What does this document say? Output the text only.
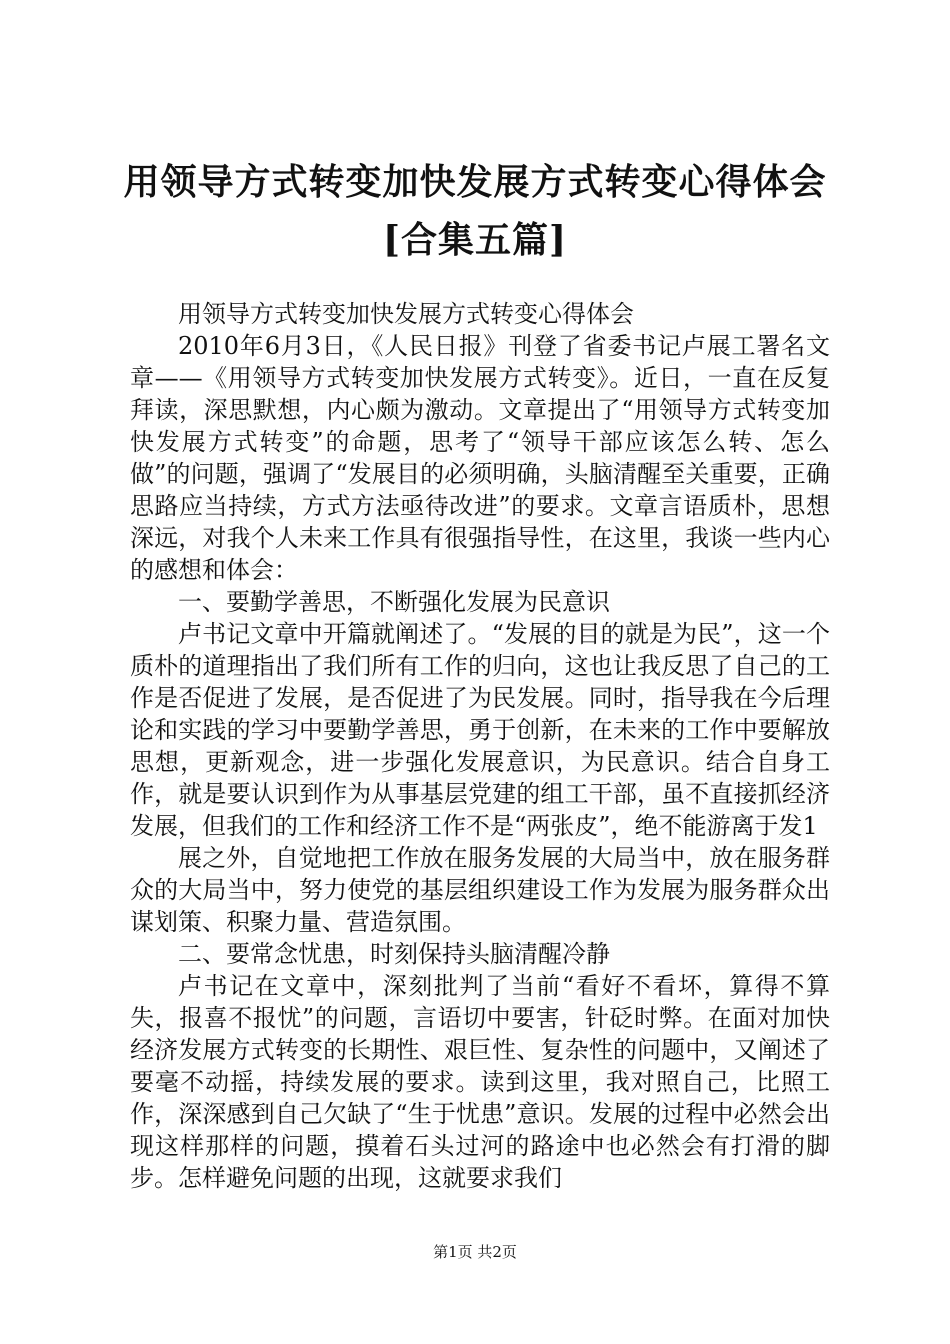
用领导方式转变加快发展方式转变心得体会
[合集五篇]

用领导方式转变加快发展方式转变心得体会

2010年6月3日，《人民日报》刊登了省委书记卢展工署名文章——《用领导方式转变加快发展方式转变》。近日，一直在反复拜读，深思默想，内心颇为激动。文章提出了“用领导方式转变加快发展方式转变”的命题，思考了“领导干部应该怎么转、怎么做”的问题，强调了“发展目的必须明确，头脑清醒至关重要，正确思路应当持续，方式方法亟待改进”的要求。文章言语质朴，思想深远，对我个人未来工作具有很强指导性，在这里，我谈一些内心的感想和体会：

一、要勤学善思，不断强化发展为民意识

卢书记文章中开篇就阐述了。“发展的目的就是为民”，这一个质朴的道理指出了我们所有工作的归向，这也让我反思了自己的工作是否促进了发展，是否促进了为民发展。同时，指导我在今后理论和实践的学习中要勤学善思，勇于创新，在未来的工作中要解放思想，更新观念，进一步强化发展意识，为民意识。结合自身工作，就是要认识到作为从事基层党建的组工干部，虽不直接抓经济发展，但我们的工作和经济工作不是“两张皮”，绝不能游离于发1

展之外，自觉地把工作放在服务发展的大局当中，放在服务群众的大局当中，努力使党的基层组织建设工作为发展为服务群众出谋划策、积聚力量、营造氛围。

二、要常念忧患，时刻保持头脑清醒冷静

卢书记在文章中，深刻批判了当前“看好不看坏，算得不算失，报喜不报忧”的问题，言语切中要害，针砭时弊。在面对加快经济发展方式转变的长期性、艰巨性、复杂性的问题中，又阐述了要毫不动摇，持续发展的要求。读到这里，我对照自己，比照工作，深深感到自己欠缺了“生于忧患”意识。发展的过程中必然会出现这样那样的问题，摸着石头过河的路途中也必然会有打滑的脚步。怎样避免问题的出现，这就要求我们

第1页 共2页
